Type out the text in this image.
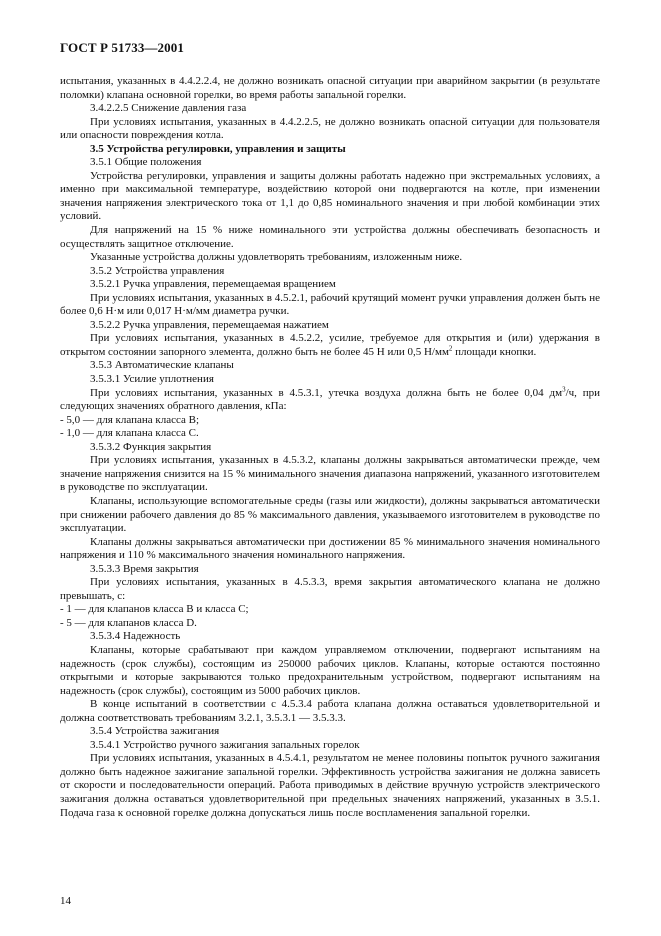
ГОСТ Р 51733—2001

испытания, указанных в 4.4.2.2.4, не должно возникать опасной ситуации при аварийном закрытии (в результате поломки) клапана основной горелки, во время работы запальной горелки.

3.4.2.2.5 Снижение давления газа

При условиях испытания, указанных в 4.4.2.2.5, не должно возникать опасной ситуации для пользователя или опасности повреждения котла.

3.5 Устройства регулировки, управления и защиты

3.5.1 Общие положения

Устройства регулировки, управления и защиты должны работать надежно при экстремальных условиях, а именно при максимальной температуре, воздействию которой они подвергаются на котле, при изменении значения напряжения электрического тока от 1,1 до 0,85 номинального значения и при любой комбинации этих условий.

Для напряжений на 15 % ниже номинального эти устройства должны обеспечивать безопасность и осуществлять защитное отключение.

Указанные устройства должны удовлетворять требованиям, изложенным ниже.

3.5.2 Устройства управления

3.5.2.1 Ручка управления, перемещаемая вращением

При условиях испытания, указанных в 4.5.2.1, рабочий крутящий момент ручки управления должен быть не более 0,6 Н·м или 0,017 Н·м/мм диаметра ручки.

3.5.2.2 Ручка управления, перемещаемая нажатием

При условиях испытания, указанных в 4.5.2.2, усилие, требуемое для открытия и (или) удержания в открытом состоянии запорного элемента, должно быть не более 45 Н или 0,5 $Н/мм^2$ площади кнопки.

3.5.3 Автоматические клапаны

3.5.3.1 Усилие уплотнения

При условиях испытания, указанных в 4.5.3.1, утечка воздуха должна быть не более 0,04 $дм^3/ч$, при следующих значениях обратного давления, кПа:

- 5,0 — для клапана класса В;

- 1,0 — для клапана класса С.

3.5.3.2 Функция закрытия

При условиях испытания, указанных в 4.5.3.2, клапаны должны закрываться автоматически прежде, чем значение напряжения снизится на 15 % минимального значения диапазона напряжений, указанного изготовителем в руководстве по эксплуатации.

Клапаны, использующие вспомогательные среды (газы или жидкости), должны закрываться автоматически при снижении рабочего давления до 85 % максимального давления, указываемого изготовителем в руководстве по эксплуатации.

Клапаны должны закрываться автоматически при достижении 85 % минимального значения номинального напряжения и 110 % максимального значения номинального напряжения.

3.5.3.3 Время закрытия

При условиях испытания, указанных в 4.5.3.3, время закрытия автоматического клапана не должно превышать, с:

- 1 — для клапанов класса В и класса С;

- 5 — для клапанов класса D.

3.5.3.4 Надежность

Клапаны, которые срабатывают при каждом управляемом отключении, подвергают испытаниям на надежность (срок службы), состоящим из 250000 рабочих циклов. Клапаны, которые остаются постоянно открытыми и которые закрываются только предохранительным устройством, подвергают испытаниям на надежность (срок службы), состоящим из 5000 рабочих циклов.

В конце испытаний в соответствии с 4.5.3.4 работа клапана должна оставаться удовлетворительной и должна соответствовать требованиям 3.2.1, 3.5.3.1 — 3.5.3.3.

3.5.4 Устройства зажигания

3.5.4.1 Устройство ручного зажигания запальных горелок

При условиях испытания, указанных в 4.5.4.1, результатом не менее половины попыток ручного зажигания должно быть надежное зажигание запальной горелки. Эффективность устройства зажигания не должна зависеть от скорости и последовательности операций. Работа приводимых в действие вручную устройств электрического зажигания должна оставаться удовлетворительной при предельных значениях напряжений, указанных в 3.5.1. Подача газа к основной горелке должна допускаться лишь после воспламенения запальной горелки.

14
